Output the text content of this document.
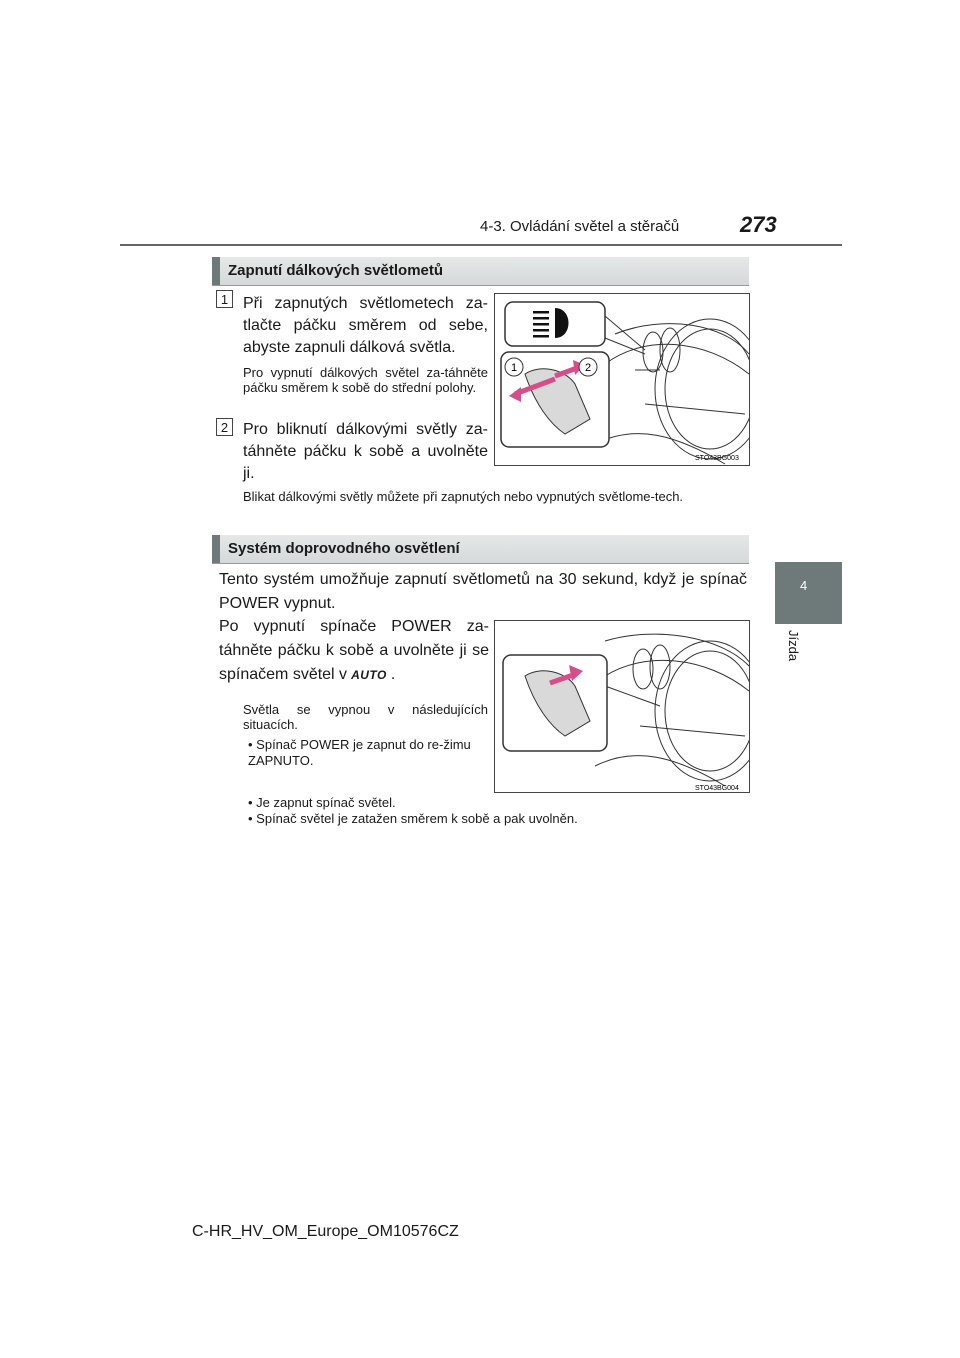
4-3. Ovládání světel a stěračů	273
4
Jízda
Zapnutí dálkových světlometů
1 Při zapnutých světlometech za-tlačte páčku směrem od sebe, abyste zapnuli dálková světla.
Pro vypnutí dálkových světel za-táhněte páčku směrem k sobě do střední polohy.
2 Pro bliknutí dálkovými světly za-táhněte páčku k sobě a uvolněte ji.
Blikat dálkovými světly můžete při zapnutých nebo vypnutých světlome-tech.
1	2
STO43BG003
Systém doprovodného osvětlení
Tento systém umožňuje zapnutí světlometů na 30 sekund, když je spínač POWER vypnut.
Po vypnutí spínače POWER za-táhněte páčku k sobě a uvolněte ji se spínačem světel v AUTO .
Světla se vypnou v následujících situacích.
• Spínač POWER je zapnut do re-žimu ZAPNUTO.
• Je zapnut spínač světel.
• Spínač světel je zatažen směrem k sobě a pak uvolněn.
STO43BG004
C-HR_HV_OM_Europe_OM10576CZ
